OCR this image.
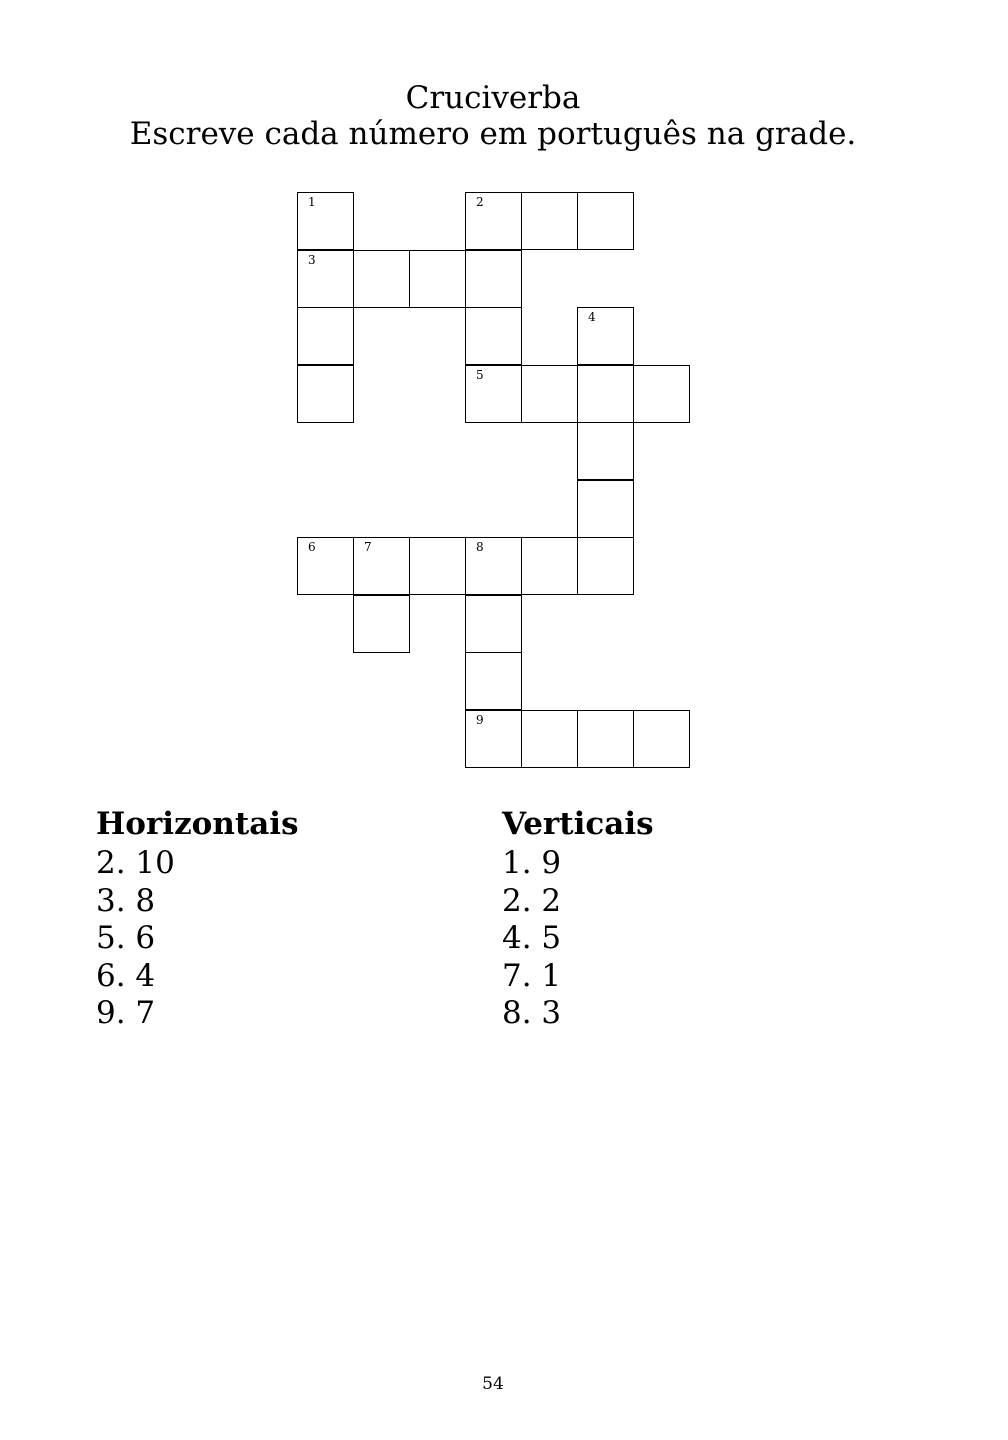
Cruciverba
Escreve cada número em português na grade.
1	2
3
4
5
6	7	8
9
Horizontais
2. 10
3. 8
5. 6
6. 4
9. 7
Verticais
1. 9
2. 2
4. 5
7. 1
8. 3
54
